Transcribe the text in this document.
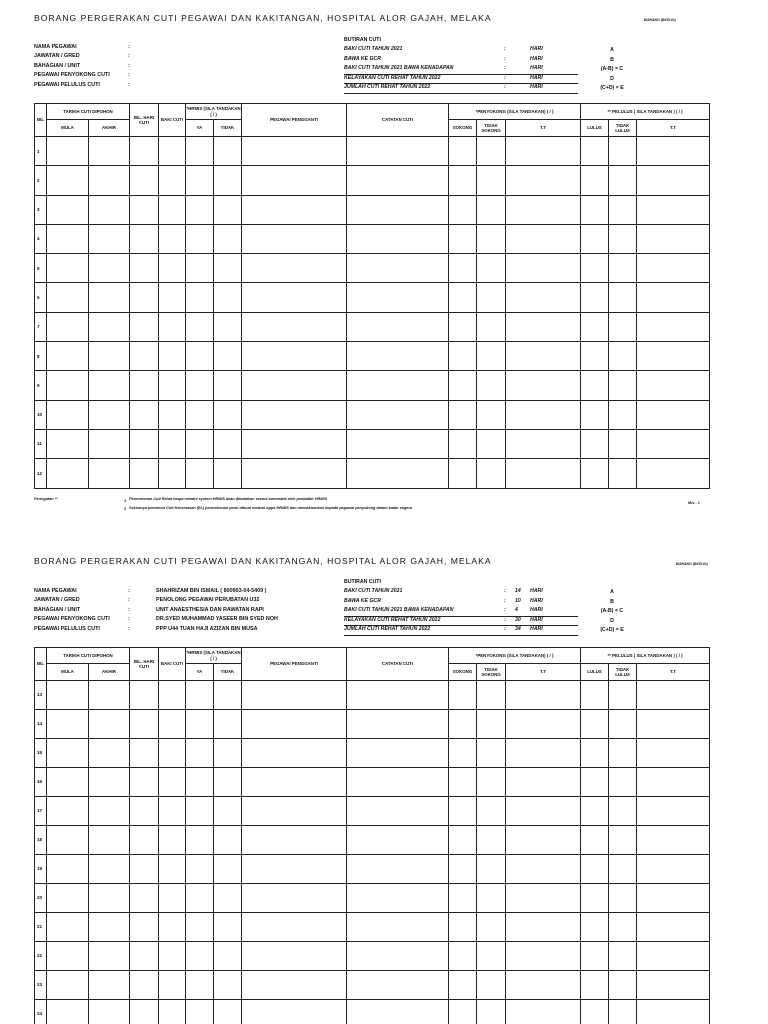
BORANG PERGERAKAN CUTI PEGAWAI DAN KAKITANGAN, HOSPITAL ALOR GAJAH, MELAKA	BORANG (BCR.01)
NAMA PEGAWAI	:
JAWATAN / GRED	:
BAHAGIAN / UNIT	:
PEGAWAI PENYOKONG CUTI	:
PEGAWAI PELULUS CUTI	:
BUTIRAN CUTI
BAKI CUTI TAHUN 2021	:	HARI	A
BAWA KE GCR	:	HARI	B
BAKI CUTI TAHUN 2021 BAWA KENADAPAN	:	HARI	(A-B) = C
KELAYAKAN CUTI REHAT TAHUN 2022	:	HARI	D
JUMLAH CUTI REHAT TAHUN 2022	:	HARI	(C+D) = E
BIL	TARIKH CUTI DIPOHON		BIL. HARI CUTI	BAKI CUTI	*HRMIS (SILA TANDAKAN ( / )		PEGAWAI PENGGANTI	CATATAN CUTI	*PENYOKONG (SILA TANDAKAN) ( / )			** PELULUS ( SILA TANDAKAN ) ( / )		
	MULA	AKHIR			YA	TIDAK			SOKONG	TIDAK SOKONG	T.T	LULUS	TIDAK LULUS	T.T
1														
2														
3														
4														
5														
6														
7														
8														
9														
10														
11														
12														
Peringatan **	1 Permohonan Cuti Rehat tanpa melalui system HRMIS akan dibatalkan secara automatik oleh pentadbir HRMIS
2 Sekiranya pemohon Cuti Kecemasan (EL) permohonan perlu dibuat melalui Apps HRMIS dan memaklumkan kepada pegawai penyokong dalam kadar segera
M/s : 1
BORANG PERGERAKAN CUTI PEGAWAI DAN KAKITANGAN, HOSPITAL ALOR GAJAH, MELAKA	BORANG (BCR.01)
NAMA PEGAWAI	:	SHAHRIZAM BIN ISMAIL ( 800903-04-5409 )
JAWATAN / GRED	:	PENOLONG PEGAWAI PERUBATAN U32
BAHAGIAN / UNIT	:	UNIT ANAESTHESIA DAN RAWATAN RAPI
PEGAWAI PENYOKONG CUTI	:	DR.SYED MUHAMMAD YASEER BIN SYED NOH
PEGAWAI PELULUS CUTI	:	PPP U44 TUAN HAJI AZIZAN BIN MUSA
BUTIRAN CUTI
BAKI CUTI TAHUN 2021	: 14 HARI	A
BAWA KE GCR	: 10 HARI	B
BAKI CUTI TAHUN 2021 BAWA KENADAPAN	: 4 HARI	(A-B) = C
KELAYAKAN CUTI REHAT TAHUN 2022	: 30 HARI	D
JUMLAH CUTI REHAT TAHUN 2022	: 34 HARI	(C+D) = E
BIL	TARIKH CUTI DIPOHON		BIL. HARI CUTI	BAKI CUTI	*HRMIS (SILA TANDAKAN ( / )		PEGAWAI PENGGANTI	CATATAN CUTI	*PENYOKONG (SILA TANDAKAN) ( / )			** PELULUS ( SILA TANDAKAN ) ( / )		
	MULA	AKHIR			YA	TIDAK			SOKONG	TIDAK SOKONG	T.T	LULUS	TIDAK LULUS	T.T
13														
14														
15														
16														
17														
18														
19														
20														
21														
22														
23														
24														
